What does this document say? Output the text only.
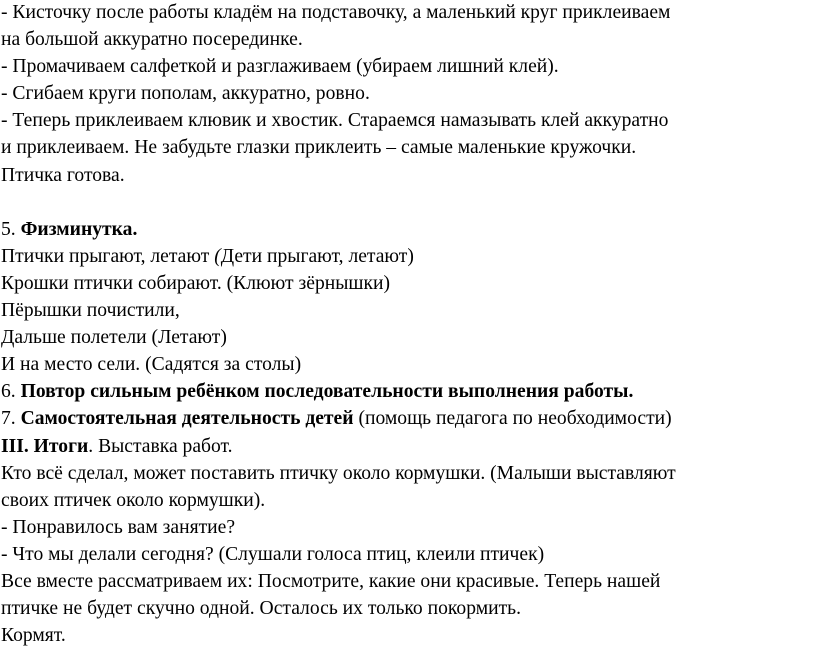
- Кисточку после работы кладём на подставочку, а маленький круг приклеиваем
на большой аккуратно посерединке.
- Промачиваем салфеткой и разглаживаем (убираем лишний клей).
- Сгибаем круги пополам, аккуратно, ровно.
- Теперь приклеиваем клювик и хвостик. Стараемся намазывать клей аккуратно
и приклеиваем. Не забудьте глазки приклеить – самые маленькие кружочки.
Птичка готова.
5. Физминутка.
Птички прыгают, летают (Дети прыгают, летают)
Крошки птички собирают. (Клюют зёрнышки)
Пёрышки почистили,
Дальше полетели (Летают)
И на место сели. (Садятся за столы)
6. Повтор сильным ребёнком последовательности выполнения работы.
7. Самостоятельная деятельность детей (помощь педагога по необходимости)
III. Итоги. Выставка работ.
Кто всё сделал, может поставить птичку около кормушки. (Малыши выставляют
своих птичек около кормушки).
- Понравилось вам занятие?
- Что мы делали сегодня? (Слушали голоса птиц, клеили птичек)
Все вместе рассматриваем их: Посмотрите, какие они красивые. Теперь нашей
птичке не будет скучно одной. Осталось их только покормить.
Кормят.
